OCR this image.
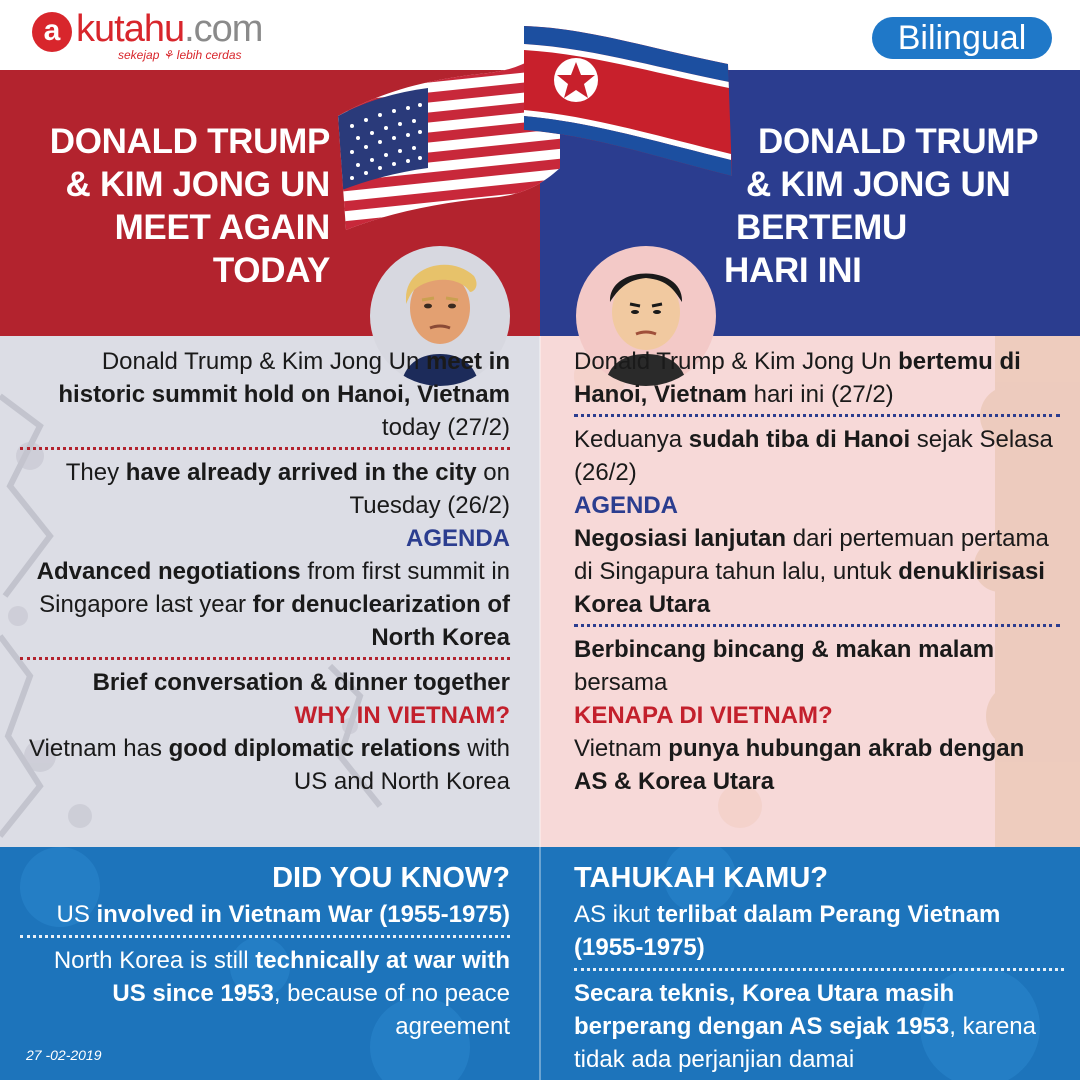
a kutahu.com
sekejap ⚘ lebih cerdas	Bilingual
DONALD TRUMP
& KIM JONG UN
MEET AGAIN
TODAY
DONALD TRUMP
& KIM JONG UN
BERTEMU
HARI INI

Donald Trump & Kim Jong Un meet in historic summit hold on Hanoi, Vietnam today (27/2)

They have already arrived in the city on Tuesday (26/2)

AGENDA

Advanced negotiations from first summit in Singapore last year for denuclearization of North Korea

Brief conversation & dinner together

WHY IN VIETNAM?

Vietnam has good diplomatic relations with US and North Korea

Donald Trump & Kim Jong Un bertemu di Hanoi, Vietnam hari ini (27/2)

Keduanya sudah tiba di Hanoi sejak Selasa (26/2)

AGENDA

Negosiasi lanjutan dari pertemuan pertama di Singapura tahun lalu, untuk denuklirisasi Korea Utara

Berbincang bincang & makan malam bersama

KENAPA DI VIETNAM?

Vietnam punya hubungan akrab dengan AS & Korea Utara

DID YOU KNOW?

US involved in Vietnam War (1955-1975)

North Korea is still technically at war with US since 1953, because of no peace agreement

TAHUKAH KAMU?

AS ikut terlibat dalam Perang Vietnam (1955-1975)

Secara teknis, Korea Utara masih berperang dengan AS sejak 1953, karena tidak ada perjanjian damai

27 -02-2019
